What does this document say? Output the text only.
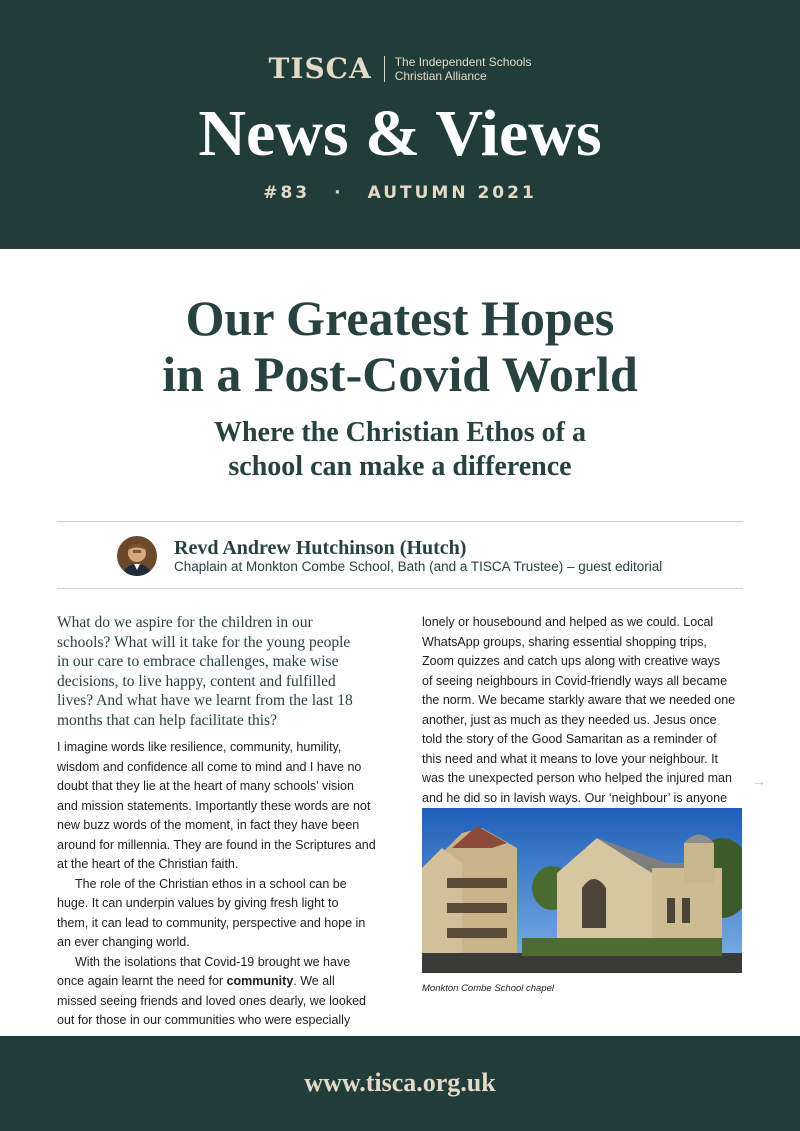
TISCA The Independent Schools
Christian Alliance
News & Views
#83 · AUTUMN 2021
Our Greatest Hopes
in a Post-Covid World
Where the Christian Ethos of a
school can make a difference
Revd Andrew Hutchinson (Hutch)
Chaplain at Monkton Combe School, Bath (and a TISCA Trustee) – guest editorial
What do we aspire for the children in our
schools? What will it take for the young people
in our care to embrace challenges, make wise
decisions, to live happy, content and fulfilled
lives? And what have we learnt from the last 18
months that can help facilitate this?
I imagine words like resilience, community, humility,
wisdom and confidence all come to mind and I have no
doubt that they lie at the heart of many schools’ vision
and mission statements. Importantly these words are not
new buzz words of the moment, in fact they have been
around for millennia. They are found in the Scriptures and
at the heart of the Christian faith.
The role of the Christian ethos in a school can be
huge. It can underpin values by giving fresh light to
them, it can lead to community, perspective and hope in
an ever changing world.
With the isolations that Covid-19 brought we have
once again learnt the need for community. We all
missed seeing friends and loved ones dearly, we looked
out for those in our communities who were especially
lonely or housebound and helped as we could. Local
WhatsApp groups, sharing essential shopping trips,
Zoom quizzes and catch ups along with creative ways
of seeing neighbours in Covid-friendly ways all became
the norm. We became starkly aware that we needed one
another, just as much as they needed us. Jesus once
told the story of the Good Samaritan as a reminder of
this need and what it means to love your neighbour. It
was the unexpected person who helped the injured man
and he did so in lavish ways. Our ‘neighbour’ is anyone
→
Monkton Combe School chapel
www.tisca.org.uk
